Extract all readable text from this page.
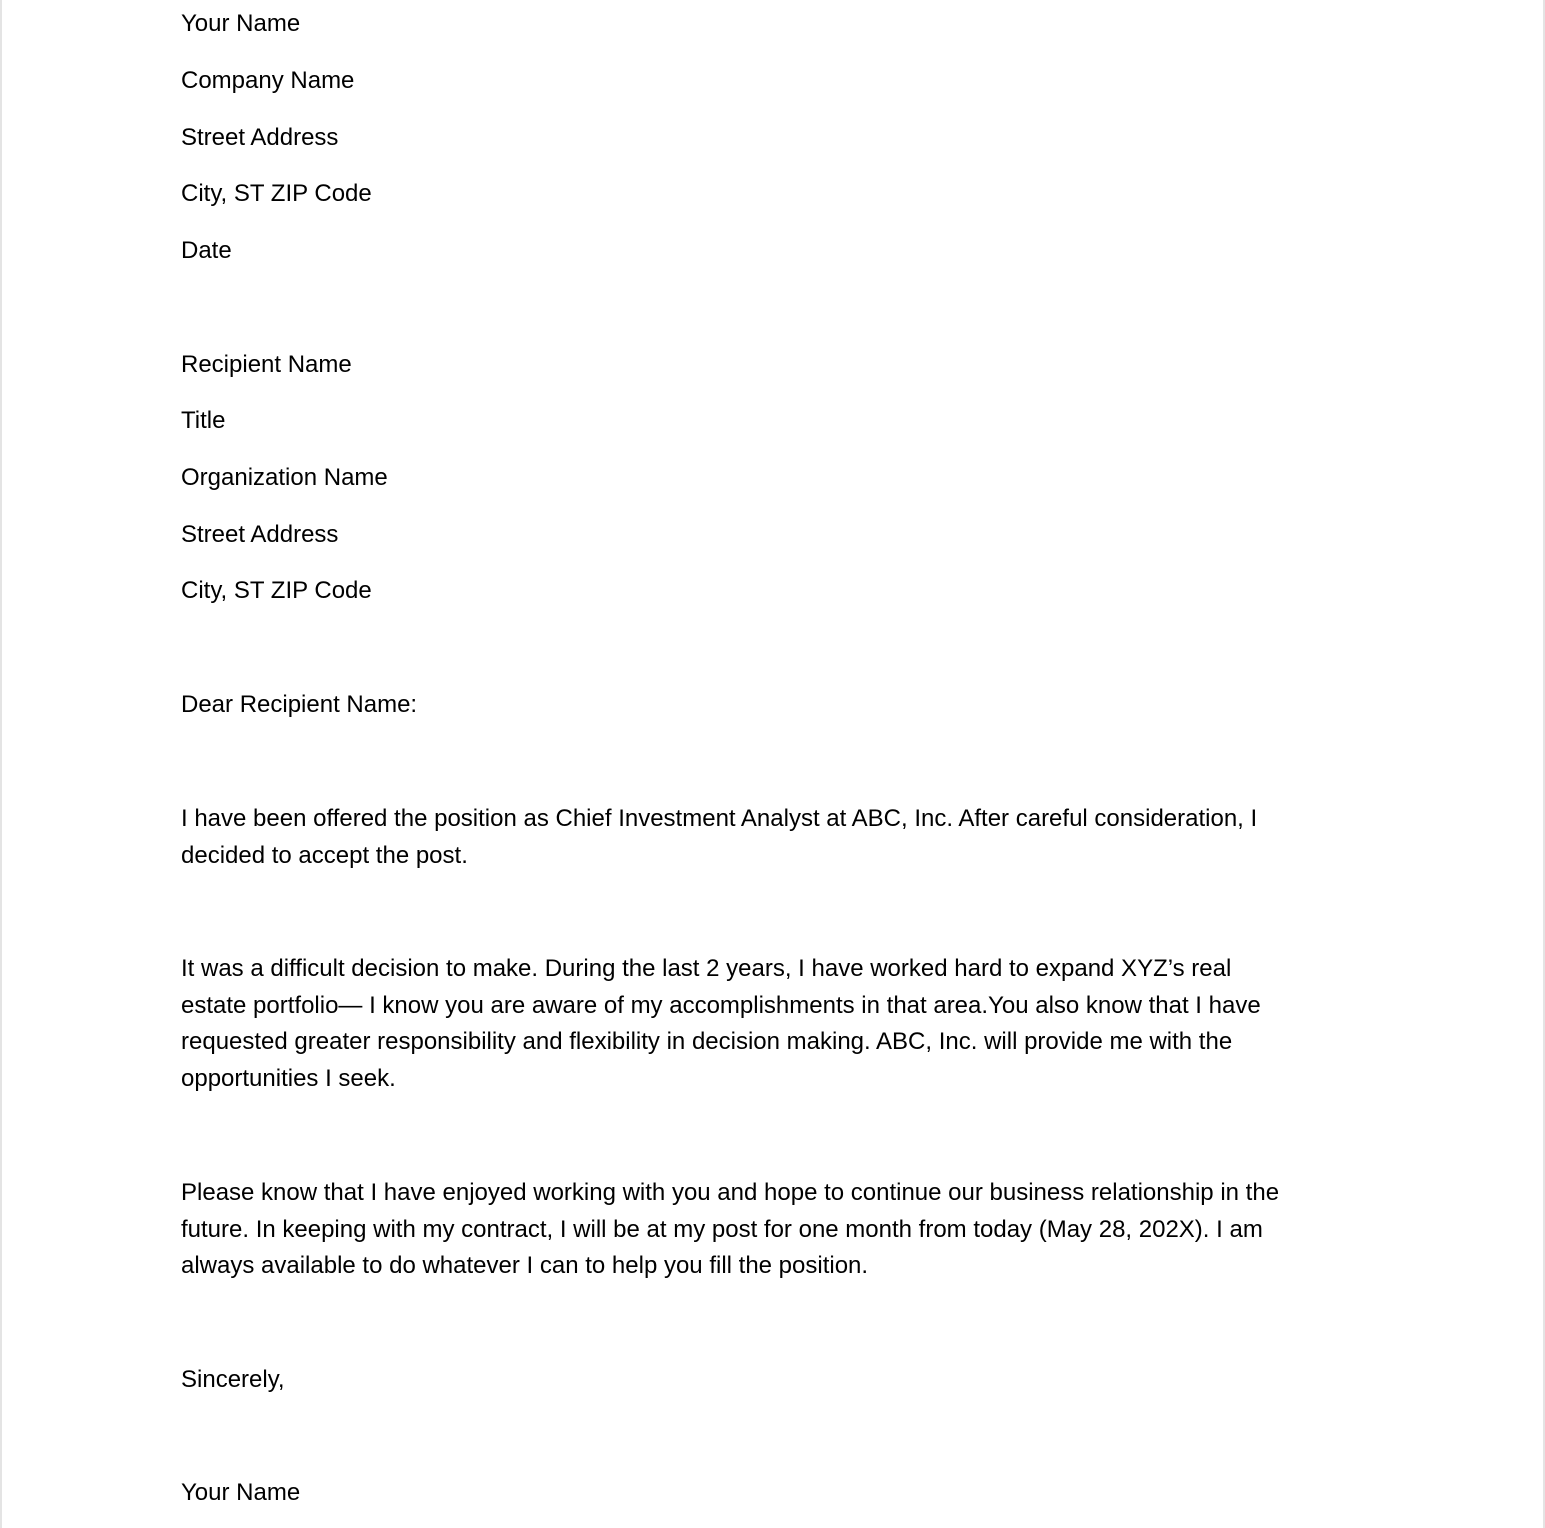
Your Name
Company Name
Street Address
City, ST ZIP Code
Date
Recipient Name
Title
Organization Name
Street Address
City, ST ZIP Code
Dear Recipient Name:
I have been offered the position as Chief Investment Analyst at ABC, Inc. After careful consideration, I
decided to accept the post.
It was a difficult decision to make. During the last 2 years, I have worked hard to expand XYZ’s real
estate portfolio— I know you are aware of my accomplishments in that area.You also know that I have
requested greater responsibility and flexibility in decision making. ABC, Inc. will provide me with the
opportunities I seek.
Please know that I have enjoyed working with you and hope to continue our business relationship in the
future. In keeping with my contract, I will be at my post for one month from today (May 28, 202X). I am
always available to do whatever I can to help you fill the position.
Sincerely,
Your Name
